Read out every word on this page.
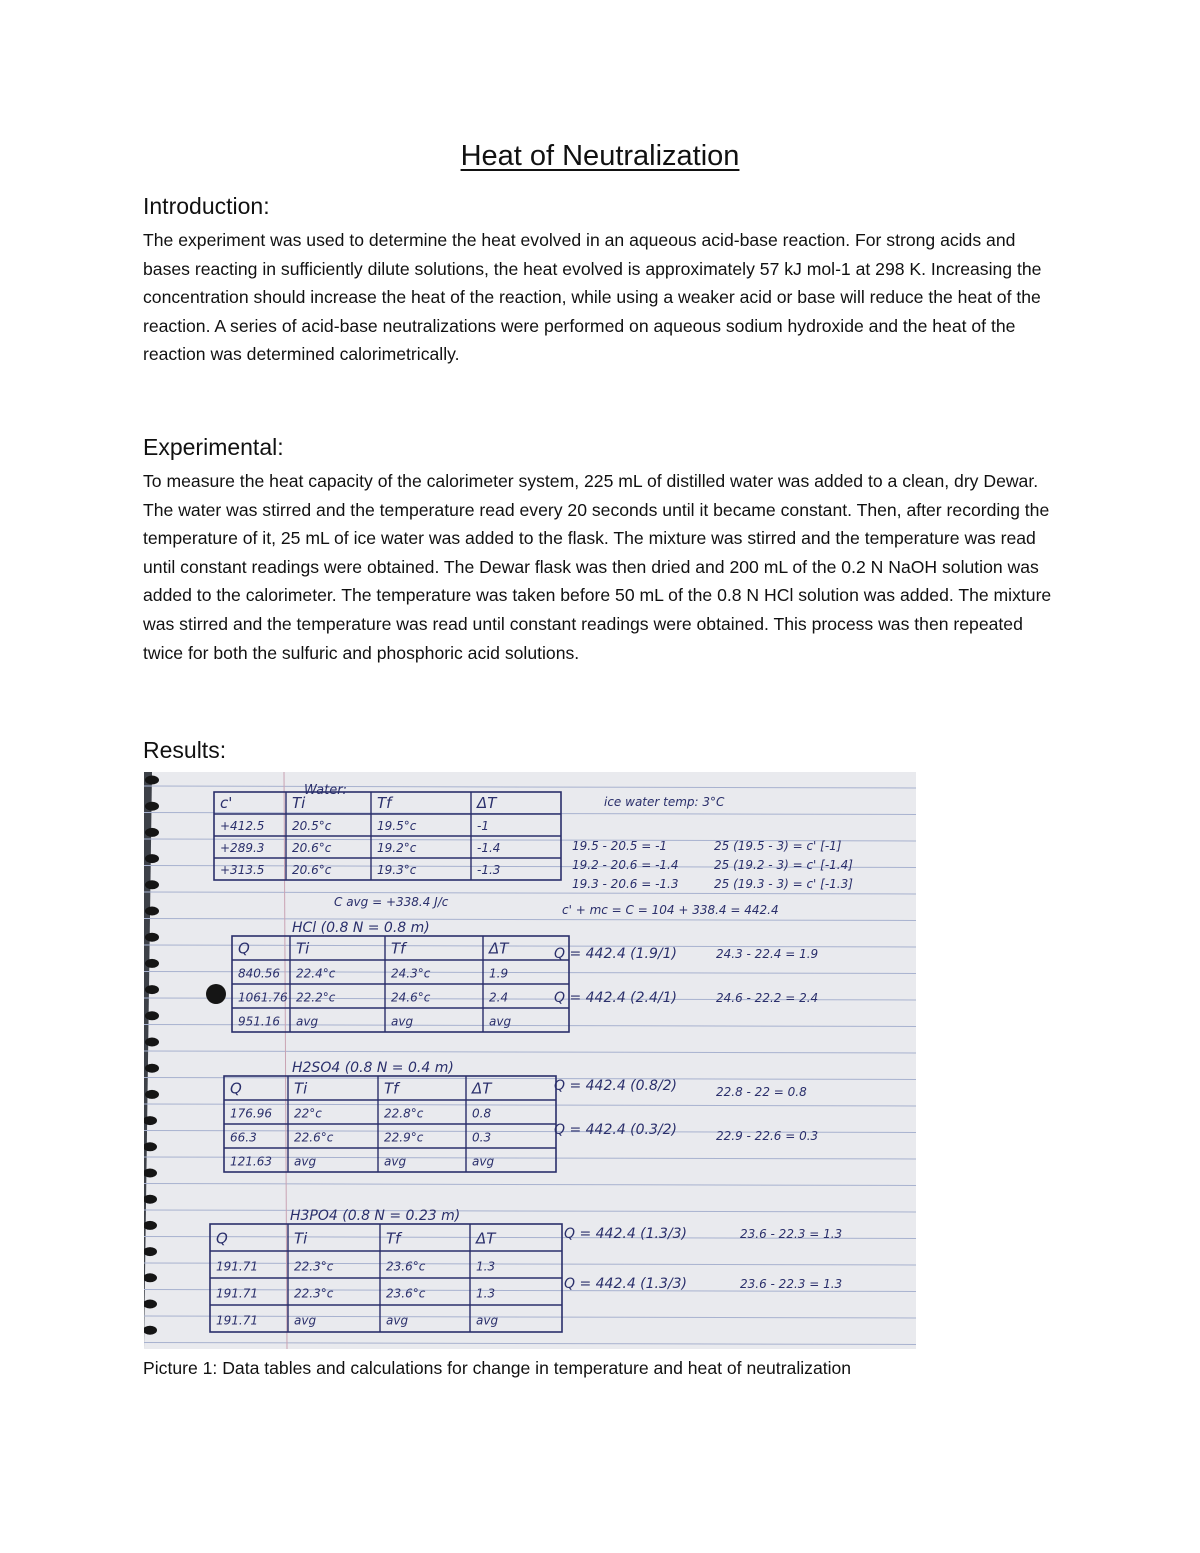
Heat of Neutralization
Introduction:

The experiment was used to determine the heat evolved in an aqueous acid-base reaction. For strong acids and bases reacting in sufficiently dilute solutions, the heat evolved is approximately 57 kJ mol-1 at 298 K. Increasing the concentration should increase the heat of the reaction, while using a weaker acid or base will reduce the heat of the reaction. A series of acid-base neutralizations were performed on aqueous sodium hydroxide and the heat of the reaction was determined calorimetrically.

Experimental:

To measure the heat capacity of the calorimeter system, 225 mL of distilled water was added to a clean, dry Dewar. The water was stirred and the temperature read every 20 seconds until it became constant. Then, after recording the temperature of it, 25 mL of ice water was added to the flask. The mixture was stirred and the temperature was read until constant readings were obtained. The Dewar flask was then dried and 200 mL of the 0.2 N NaOH solution was added to the calorimeter. The temperature was taken before 50 mL of the 0.8 N HCl solution was added. The mixture was stirred and the temperature was read until constant readings were obtained. This process was then repeated twice for both the sulfuric and phosphoric acid solutions.

Results:
Water:
ice water temp: 3°C
c'	Ti	Tf	ΔT
+412.5 20.5°c	19.5°c	-1
+289.3 20.6°c	19.2°c	-1.4
+313.5 20.6°c	19.3°c	-1.3
19.5 - 20.5 = -1
19.2 - 20.6 = -1.4
19.3 - 20.6 = -1.3
25 (19.5 - 3) = c' [-1]
25 (19.2 - 3) = c' [-1.4]
25 (19.3 - 3) = c' [-1.3]
C avg = +338.4 J/c
c' + mc = C = 104 + 338.4 = 442.4
HCl (0.8 N = 0.8 m)
Q	Ti	Tf	ΔT
840.56 22.4°c	24.3°c	1.9
1061.76 22.2°c	24.6°c	2.4
951.16 avg	avg	avg
Q = 442.4 (1.9/1)
Q = 442.4 (2.4/1)
24.3 - 22.4 = 1.9
24.6 - 22.2 = 2.4
H2SO4 (0.8 N = 0.4 m)
Q	Ti	Tf	ΔT
176.96 22°c	22.8°c	0.8
66.3	22.6°c	22.9°c	0.3
121.63 avg	avg	avg
Q = 442.4 (0.8/2)
Q = 442.4 (0.3/2)
22.8 - 22 = 0.8
22.9 - 22.6 = 0.3
H3PO4 (0.8 N = 0.23 m)
Q	Ti	Tf	ΔT
191.71	22.3°c	23.6°c	1.3
191.71	22.3°c	23.6°c	1.3
191.71	avg	avg	avg
Q = 442.4 (1.3/3)
Q = 442.4 (1.3/3)
23.6 - 22.3 = 1.3
23.6 - 22.3 = 1.3
Picture 1: Data tables and calculations for change in temperature and heat of neutralization
